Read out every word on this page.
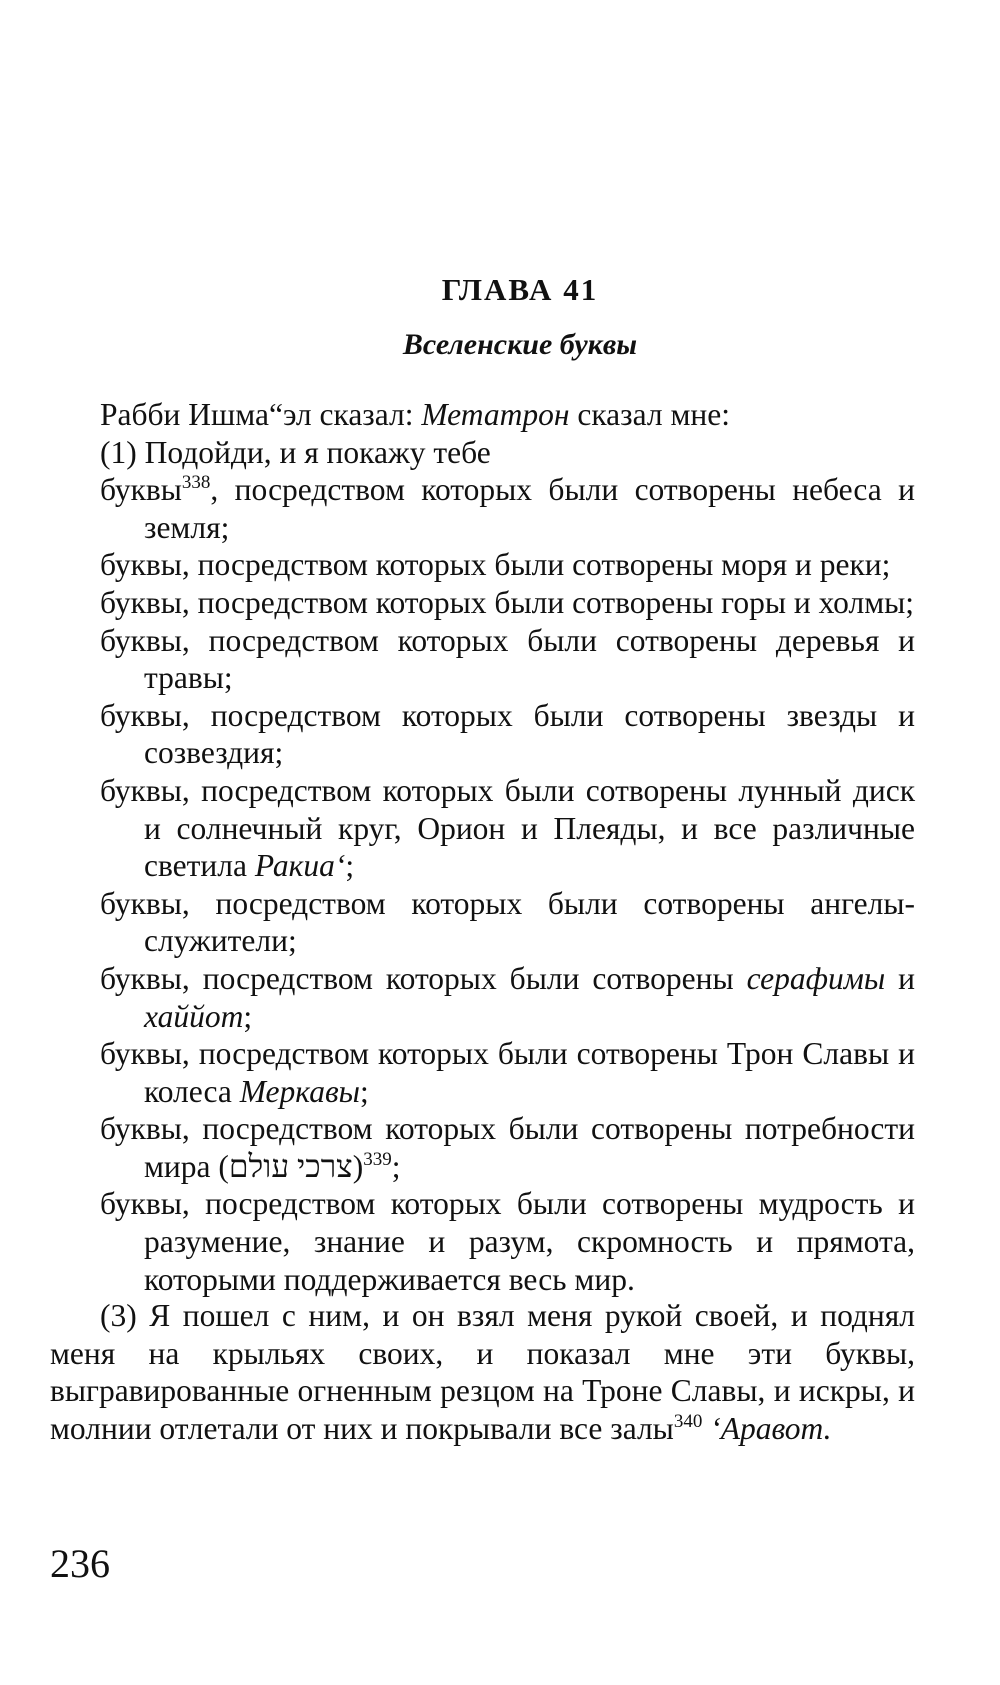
ГЛАВА 41
Вселенские буквы
Рабби Ишма“эл сказал: Метатрон сказал мне:
(1) Подойди, и я покажу тебе
буквы$^{338}$, посредством которых были сотворены небеса и земля;
буквы, посредством которых были сотворены моря и реки;
буквы, посредством которых были сотворены горы и холмы;
буквы, посредством которых были сотворены деревья и травы;
буквы, посредством которых были сотворены звезды и созвездия;
буквы, посредством которых были сотворены лунный диск и солнечный круг, Орион и Плеяды, и все различные светила Ракиа‘;
буквы, посредством которых были сотворены ангелы-служители;
буквы, посредством которых были сотворены серафимы и хаййот;
буквы, посредством которых были сотворены Трон Славы и колеса Меркавы;
буквы, посредством которых были сотворены потребности мира (צרכי עולם)$^{339}$;
буквы, посредством которых были сотворены мудрость и разумение, знание и разум, скромность и прямота, которыми поддерживается весь мир.
(3) Я пошел с ним, и он взял меня рукой своей, и поднял меня на крыльях своих, и показал мне эти буквы, выгравированные огненным резцом на Троне Славы, и искры, и молнии отлетали от них и покрывали все залы$^{340}$ ‘Аравот.
236
